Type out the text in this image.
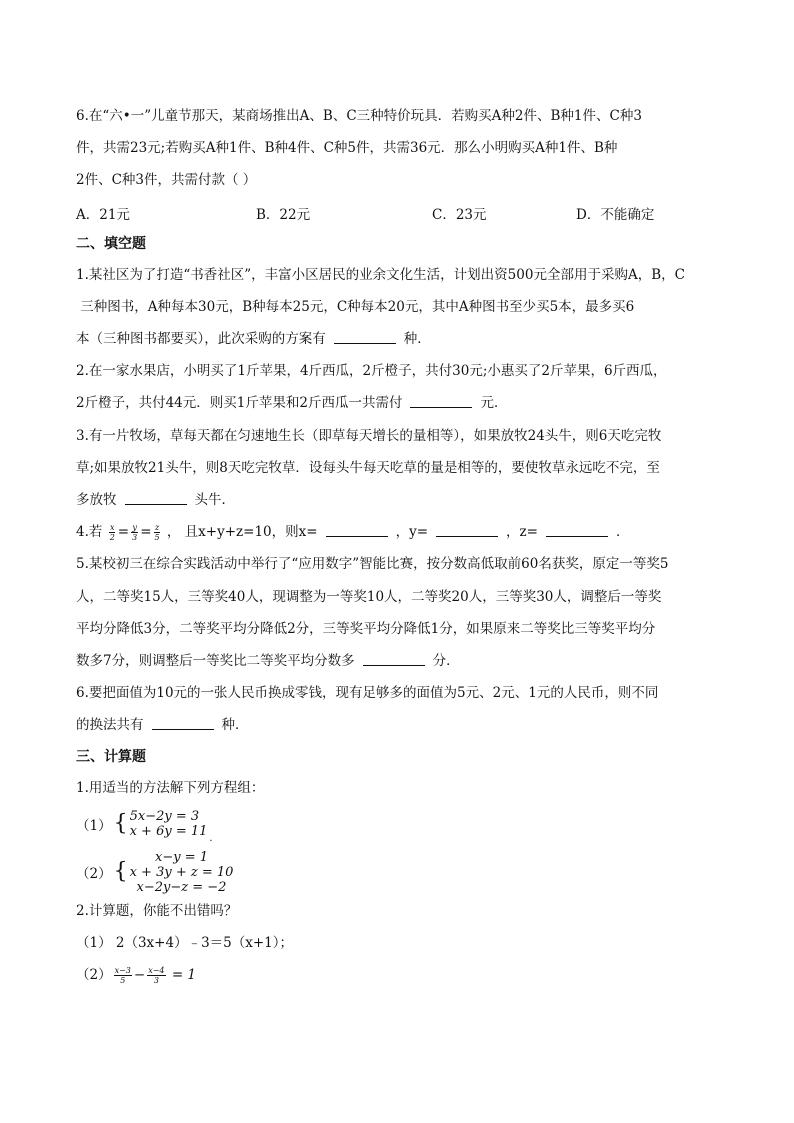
6.在“六•一”儿童节那天，某商场推出A、B、C三种特价玩具．若购买A种2件、B种1件、C种3
件，共需23元;若购买A种1件、B种4件、C种5件，共需36元．那么小明购买A种1件、B种
2件、C种3件，共需付款（ ）
A．21元	B．22元	C．23元	D．不能确定
二、填空题
1.某社区为了打造“书香社区”，丰富小区居民的业余文化生活，计划出资500元全部用于采购A，B，C
三种图书，A种每本30元，B种每本25元，C种每本20元，其中A种图书至少买5本，最多买6
本（三种图书都要买），此次采购的方案有	种．
2.在一家水果店，小明买了1斤苹果，4斤西瓜，2斤橙子，共付30元;小惠买了2斤苹果，6斤西瓜，
2斤橙子，共付44元．则买1斤苹果和2斤西瓜一共需付	元．
3.有一片牧场，草每天都在匀速地生长（即草每天增长的量相等），如果放牧24头牛，则6天吃完牧
草;如果放牧21头牛，则8天吃完牧草．设每头牛每天吃草的量是相等的，要使牧草永远吃不完，至
多放牧	头牛．
4.若 $\frac{x}{2} = \frac{y}{3} = \frac{z}{5}$ ， 且x+y+z=10，则x=	，y=	，z=	．
5.某校初三在综合实践活动中举行了“应用数字”智能比赛，按分数高低取前60名获奖，原定一等奖5
人，二等奖15人，三等奖40人，现调整为一等奖10人，二等奖20人，三等奖30人，调整后一等奖
平均分降低3分，二等奖平均分降低2分，三等奖平均分降低1分，如果原来二等奖比三等奖平均分
数多7分，则调整后一等奖比二等奖平均分数多	分．
6.要把面值为10元的一张人民币换成零钱，现有足够多的面值为5元、2元、1元的人民币，则不同
的换法共有	种．
三、计算题
1.用适当的方法解下列方程组：
（1） { 5x−2y = 3
x + 6y = 11 .
（2） {
x−y = 1
x + 3y + z = 10
x−2y−z = −2
2.计算题，你能不出错吗？
（1） 2（3x+4）﹣3＝5（x+1）；
$(2) \frac{x-3}{5} - \frac{x-4}{3} = 1$
